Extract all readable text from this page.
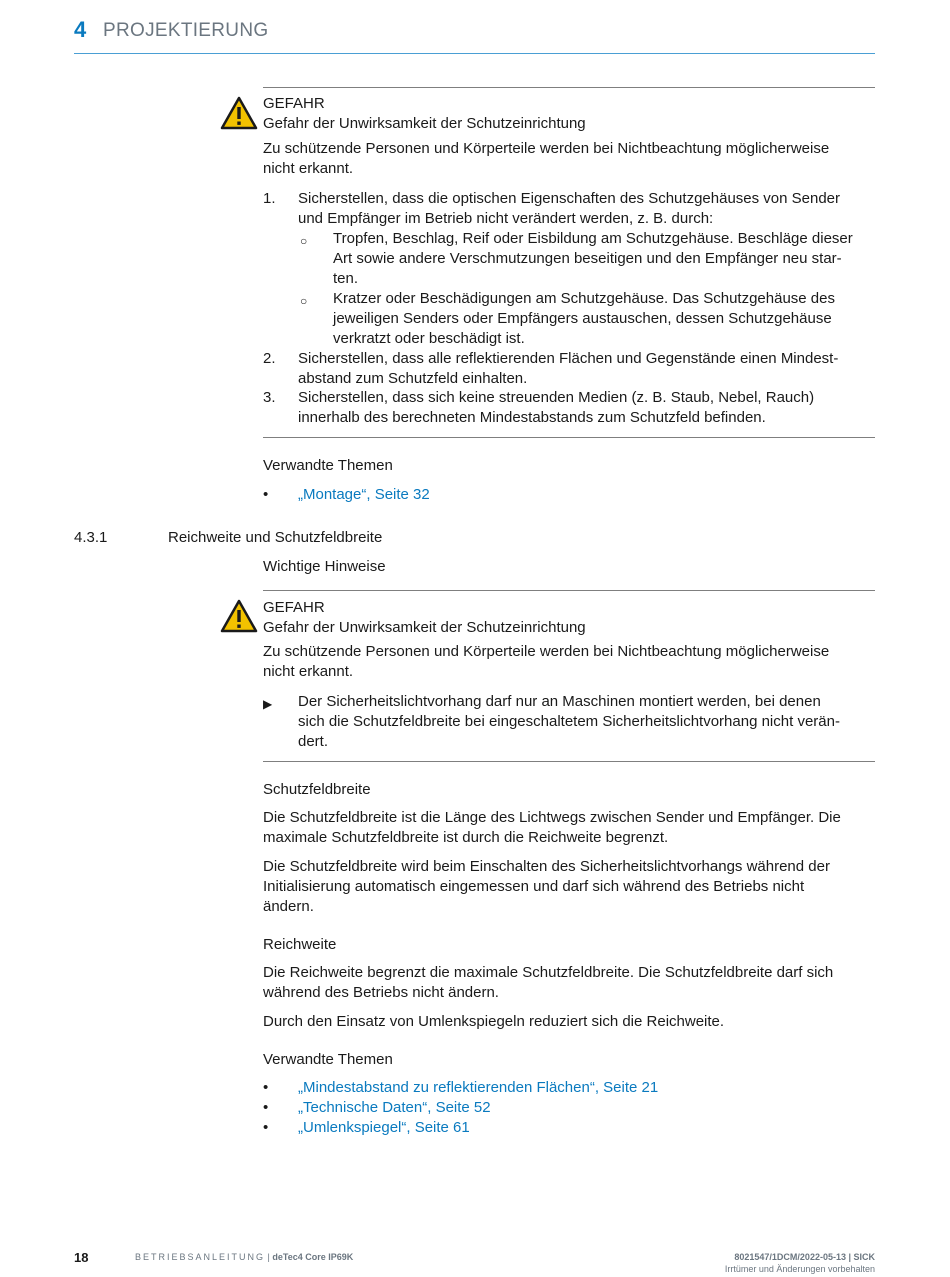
4 PROJEKTIERUNG
GEFAHR
Gefahr der Unwirksamkeit der Schutzeinrichtung
Zu schützende Personen und Körperteile werden bei Nichtbeachtung möglicherweise
nicht erkannt.
1. Sicherstellen, dass die optischen Eigenschaften des Schutzgehäuses von Sender
und Empfänger im Betrieb nicht verändert werden, z. B. durch:
○ Tropfen, Beschlag, Reif oder Eisbildung am Schutzgehäuse. Beschläge dieser
Art sowie andere Verschmutzungen beseitigen und den Empfänger neu star-
ten.
○ Kratzer oder Beschädigungen am Schutzgehäuse. Das Schutzgehäuse des
jeweiligen Senders oder Empfängers austauschen, dessen Schutzgehäuse
verkratzt oder beschädigt ist.
2. Sicherstellen, dass alle reflektierenden Flächen und Gegenstände einen Mindest-
abstand zum Schutzfeld einhalten.
3. Sicherstellen, dass sich keine streuenden Medien (z. B. Staub, Nebel, Rauch)
innerhalb des berechneten Mindestabstands zum Schutzfeld befinden.
Verwandte Themen
• „Montage“, Seite 32
4.3.1	Reichweite und Schutzfeldbreite
Wichtige Hinweise
GEFAHR
Gefahr der Unwirksamkeit der Schutzeinrichtung
Zu schützende Personen und Körperteile werden bei Nichtbeachtung möglicherweise
nicht erkannt.
▶ Der Sicherheitslichtvorhang darf nur an Maschinen montiert werden, bei denen
sich die Schutzfeldbreite bei eingeschaltetem Sicherheitslichtvorhang nicht verän-
dert.
Schutzfeldbreite
Die Schutzfeldbreite ist die Länge des Lichtwegs zwischen Sender und Empfänger. Die
maximale Schutzfeldbreite ist durch die Reichweite begrenzt.
Die Schutzfeldbreite wird beim Einschalten des Sicherheitslichtvorhangs während der
Initialisierung automatisch eingemessen und darf sich während des Betriebs nicht
ändern.
Reichweite
Die Reichweite begrenzt die maximale Schutzfeldbreite. Die Schutzfeldbreite darf sich
während des Betriebs nicht ändern.
Durch den Einsatz von Umlenkspiegeln reduziert sich die Reichweite.
Verwandte Themen
• „Mindestabstand zu reflektierenden Flächen“, Seite 21
• „Technische Daten“, Seite 52
• „Umlenkspiegel“, Seite 61
18	BETRIEBSANLEITUNG | deTec4 Core IP69K	8021547/1DCM/2022-05-13 | SICK
Irrtümer und Änderungen vorbehalten
